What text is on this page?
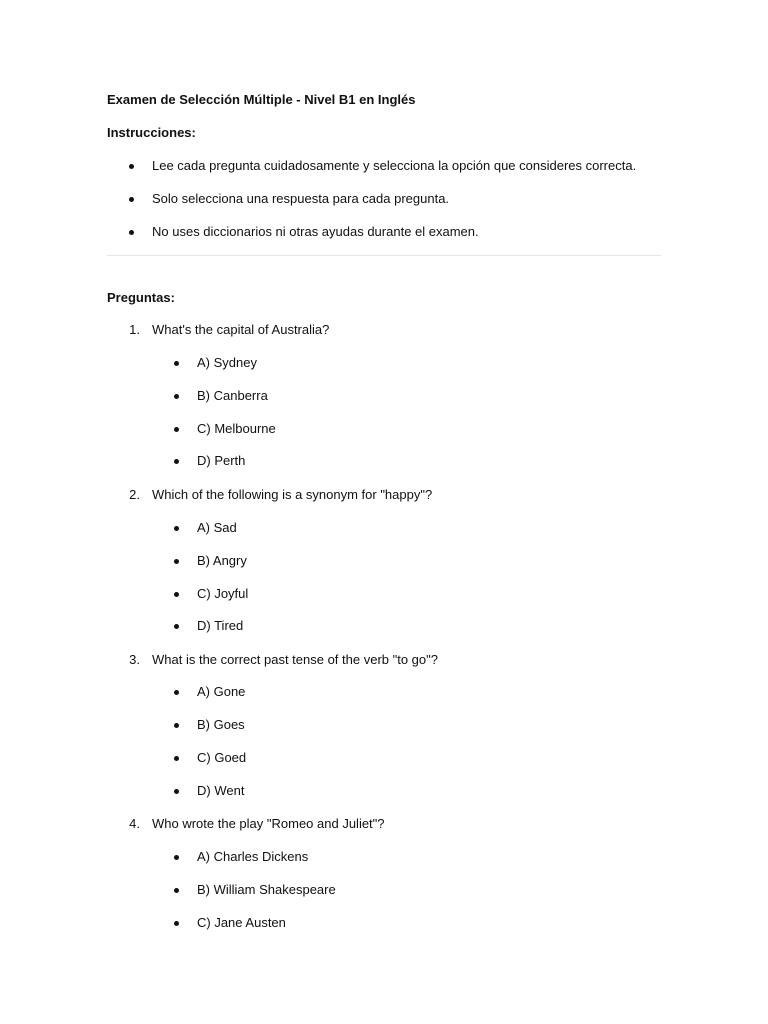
Examen de Selección Múltiple - Nivel B1 en Inglés
Instrucciones:
Lee cada pregunta cuidadosamente y selecciona la opción que consideres correcta.
Solo selecciona una respuesta para cada pregunta.
No uses diccionarios ni otras ayudas durante el examen.
Preguntas:
1. What's the capital of Australia?
A) Sydney
B) Canberra
C) Melbourne
D) Perth
2. Which of the following is a synonym for "happy"?
A) Sad
B) Angry
C) Joyful
D) Tired
3. What is the correct past tense of the verb "to go"?
A) Gone
B) Goes
C) Goed
D) Went
4. Who wrote the play "Romeo and Juliet"?
A) Charles Dickens
B) William Shakespeare
C) Jane Austen
